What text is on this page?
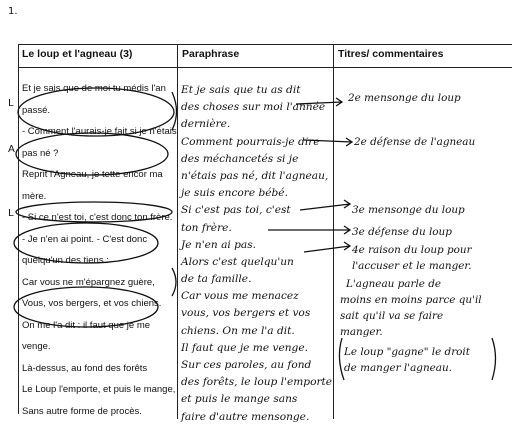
1.
L
A
L
Le loup et l'agneau (3)	Paraphrase	Titres/ commentaires
Et je sais que de moi tu médis l'an
passé.
- Comment l'aurais-je fait si je n'étais
pas né ?
Reprit l'Agneau, je tette encor ma
mère.
- Si ce n'est toi, c'est donc ton frère.
- Je n'en ai point. - C'est donc
quelqu'un des tiens :
Car vous ne m'épargnez guère,
Vous, vos bergers, et vos chiens.
On me l'a dit : il faut que je me
venge.
Là-dessus, au fond des forêts
Le Loup l'emporte, et puis le mange,
Sans autre forme de procès.
Et je sais que tu as dit
des choses sur moi l'année
dernière.
Comment pourrais-je dire
des méchancetés si je
n'étais pas né, dit l'agneau,
je suis encore bébé.
Si c'est pas toi, c'est
ton frère.
Je n'en ai pas.
Alors c'est quelqu'un
de ta famille.
Car vous me menacez
vous, vos bergers et vos
chiens. On me l'a dit.
Il faut que je me venge.
Sur ces paroles, au fond
des forêts, le loup l'emporte
et puis le mange sans
faire d'autre mensonge.
2e mensonge du loup
2e défense de l'agneau
3e mensonge du loup
3e défense du loup
4e raison du loup pour
l'accuser et le manger.
L'agneau parle de
moins en moins parce qu'il
sait qu'il va se faire
manger.
Le loup "gagne" le droit
de manger l'agneau.
